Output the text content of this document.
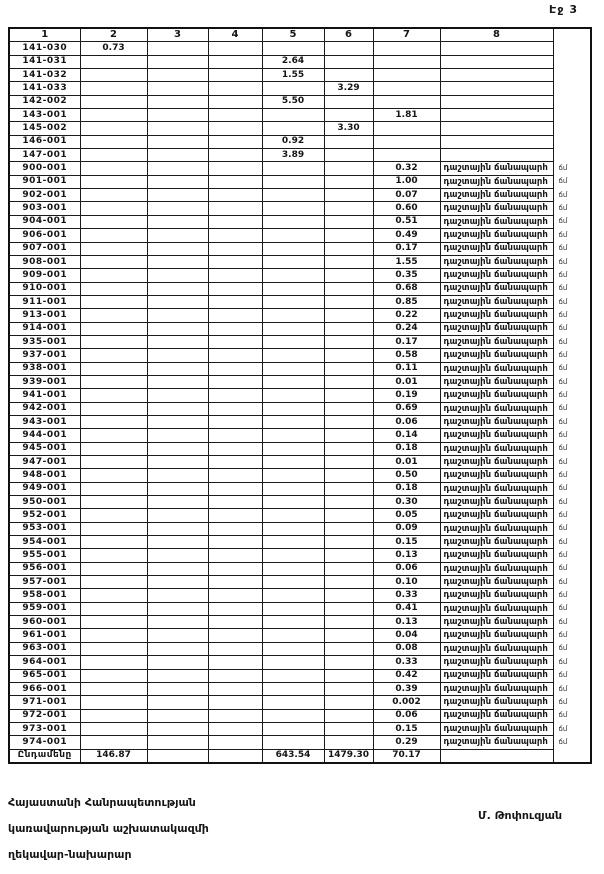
Էջ 3
1	2	3	4	5	6	7	8	
141-030	0.73							
141-031				2.64				
141-032				1.55				
141-033					3.29			
142-002				5.50				
143-001						1.81		
145-002					3.30			
146-001				0.92				
147-001				3.89				
900-001						0.32	դաշտային ճանապարհ	ճմ
901-001						1.00	դաշտային ճանապարհ	ճմ
902-001						0.07	դաշտային ճանապարհ	ճմ
903-001						0.60	դաշտային ճանապարհ	ճմ
904-001						0.51	դաշտային ճանապարհ	ճմ
906-001						0.49	դաշտային ճանապարհ	ճմ
907-001						0.17	դաշտային ճանապարհ	ճմ
908-001						1.55	դաշտային ճանապարհ	ճմ
909-001						0.35	դաշտային ճանապարհ	ճմ
910-001						0.68	դաշտային ճանապարհ	ճմ
911-001						0.85	դաշտային ճանապարհ	ճմ
913-001						0.22	դաշտային ճանապարհ	ճմ
914-001						0.24	դաշտային ճանապարհ	ճմ
935-001						0.17	դաշտային ճանապարհ	ճմ
937-001						0.58	դաշտային ճանապարհ	ճմ
938-001						0.11	դաշտային ճանապարհ	ճմ
939-001						0.01	դաշտային ճանապարհ	ճմ
941-001						0.19	դաշտային ճանապարհ	ճմ
942-001						0.69	դաշտային ճանապարհ	ճմ
943-001						0.06	դաշտային ճանապարհ	ճմ
944-001						0.14	դաշտային ճանապարհ	ճմ
945-001						0.18	դաշտային ճանապարհ	ճմ
947-001						0.01	դաշտային ճանապարհ	ճմ
948-001						0.50	դաշտային ճանապարհ	ճմ
949-001						0.18	դաշտային ճանապարհ	ճմ
950-001						0.30	դաշտային ճանապարհ	ճմ
952-001						0.05	դաշտային ճանապարհ	ճմ
953-001						0.09	դաշտային ճանապարհ	ճմ
954-001						0.15	դաշտային ճանապարհ	ճմ
955-001						0.13	դաշտային ճանապարհ	ճմ
956-001						0.06	դաշտային ճանապարհ	ճմ
957-001						0.10	դաշտային ճանապարհ	ճմ
958-001						0.33	դաշտային ճանապարհ	ճմ
959-001						0.41	դաշտային ճանապարհ	ճմ
960-001						0.13	դաշտային ճանապարհ	ճմ
961-001						0.04	դաշտային ճանապարհ	ճմ
963-001						0.08	դաշտային ճանապարհ	ճմ
964-001						0.33	դաշտային ճանապարհ	ճմ
965-001						0.42	դաշտային ճանապարհ	ճմ
966-001						0.39	դաշտային ճանապարհ	ճմ
971-001						0.002	դաշտային ճանապարհ	ճմ
972-001						0.06	դաշտային ճանապարհ	ճմ
973-001						0.15	դաշտային ճանապարհ	ճմ
974-001						0.29	դաշտային ճանապարհ	ճմ
Ընդամենը	146.87			643.54	1479.30	70.17		

Հայաստանի Հանրապետության

կառավարության աշխատակազմի

ղեկավար-նախարար

Մ. Թոփուզյան
